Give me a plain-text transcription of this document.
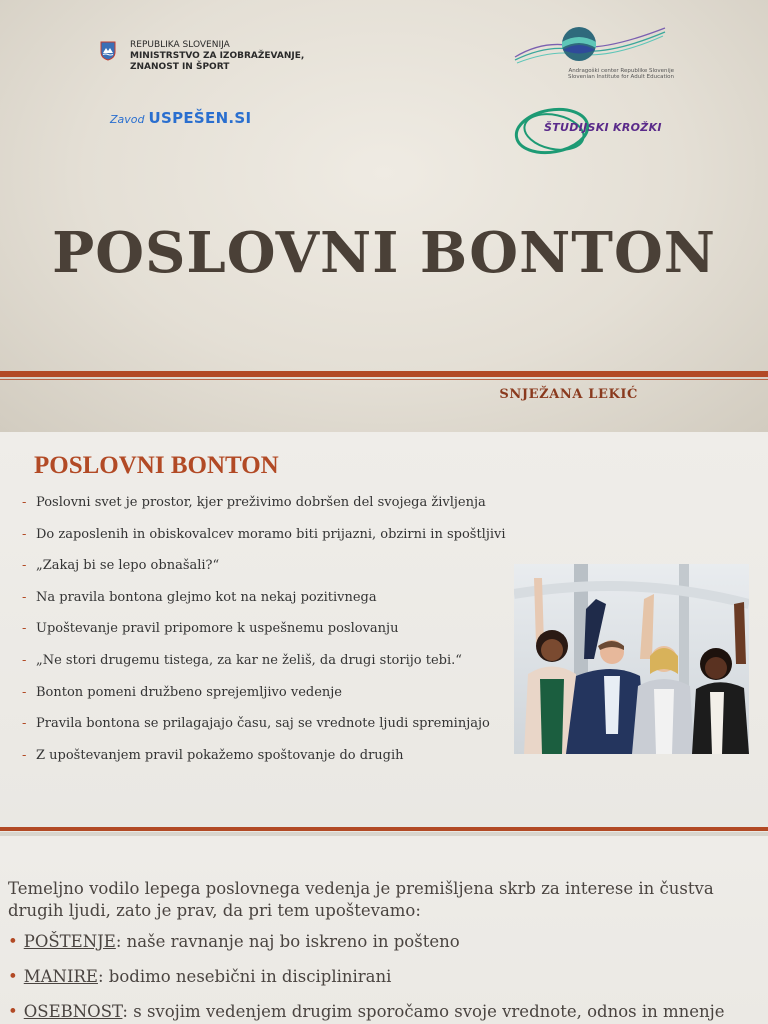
REPUBLIKA SLOVENIJA
MINISTRSTVO ZA IZOBRAŽEVANJE,
ZNANOST IN ŠPORT
Zavod USPEŠEN.SI
Andragoški center Republike Slovenije
Slovenian Institute for Adult Education
ŠTUDIJSKI KROŽKI
POSLOVNI BONTON
SNJEŽANA LEKIĆ
POSLOVNI BONTON
- Poslovni svet je prostor, kjer preživimo dobršen del svojega življenja
- Do zaposlenih in obiskovalcev moramo biti prijazni, obzirni in spoštljivi
- „Zakaj bi se lepo obnašali?“
- Na pravila bontona glejmo kot na nekaj pozitivnega
- Upoštevanje pravil pripomore k uspešnemu poslovanju
- „Ne stori drugemu tistega, za kar ne želiš, da drugi storijo tebi.“
- Bonton pomeni družbeno sprejemljivo vedenje
- Pravila bontona se prilagajajo času, saj se vrednote ljudi spreminjajo
- Z upoštevanjem pravil pokažemo spoštovanje do drugih

Temeljno vodilo lepega poslovnega vedenja je premišljena skrb za interese in čustva drugih ljudi, zato je prav, da pri tem upoštevamo:

• POŠTENJE: naše ravnanje naj bo iskreno in pošteno
• MANIRE: bodimo nesebični in disciplinirani
• OSEBNOST: s svojim vedenjem drugim sporočamo svoje vrednote, odnos in mnenje
